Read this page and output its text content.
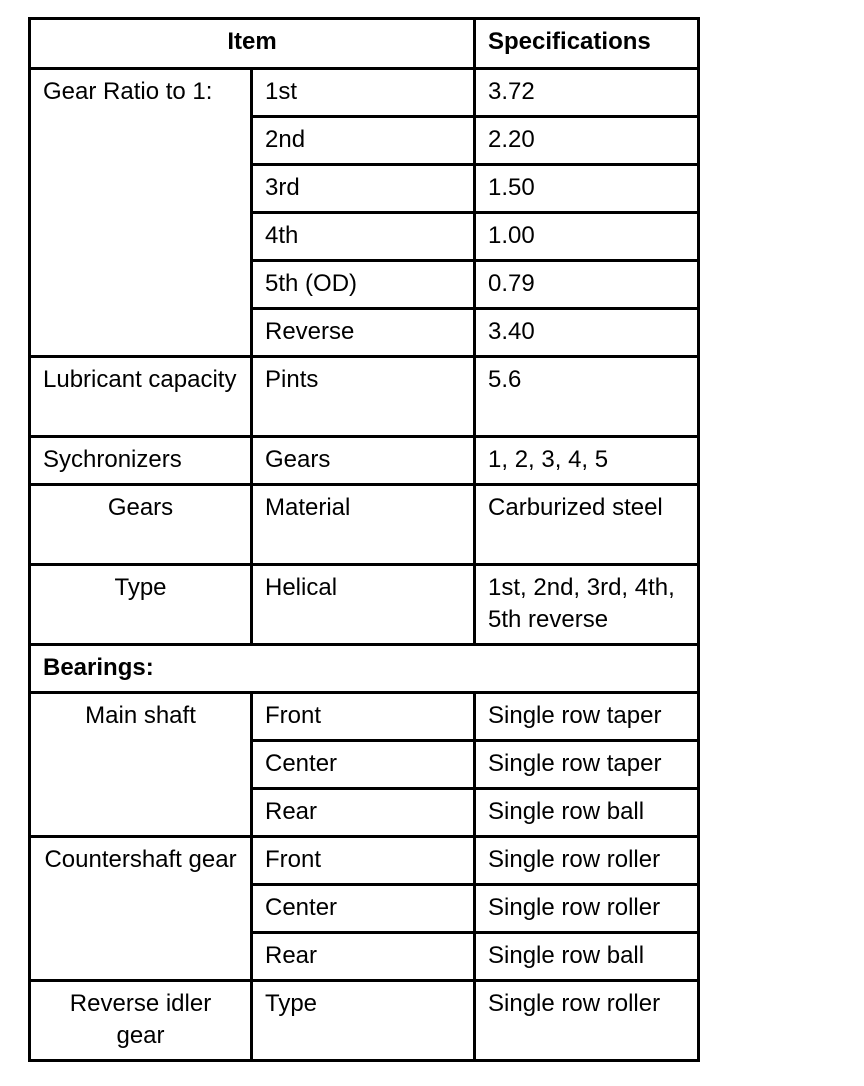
Item		Specifications
Gear Ratio to 1:	1st	3.72
	2nd	2.20
	3rd	1.50
	4th	1.00
	5th (OD)	0.79
	Reverse	3.40
Lubricant capacity	Pints	5.6
Sychronizers	Gears	1, 2, 3, 4, 5
Gears	Material	Carburized steel
Type	Helical	1st, 2nd, 3rd, 4th, 5th reverse
Bearings:		
Main shaft	Front	Single row taper
	Center	Single row taper
	Rear	Single row ball
Countershaft gear	Front	Single row roller
	Center	Single row roller
	Rear	Single row ball
Reverse idler gear	Type	Single row roller
